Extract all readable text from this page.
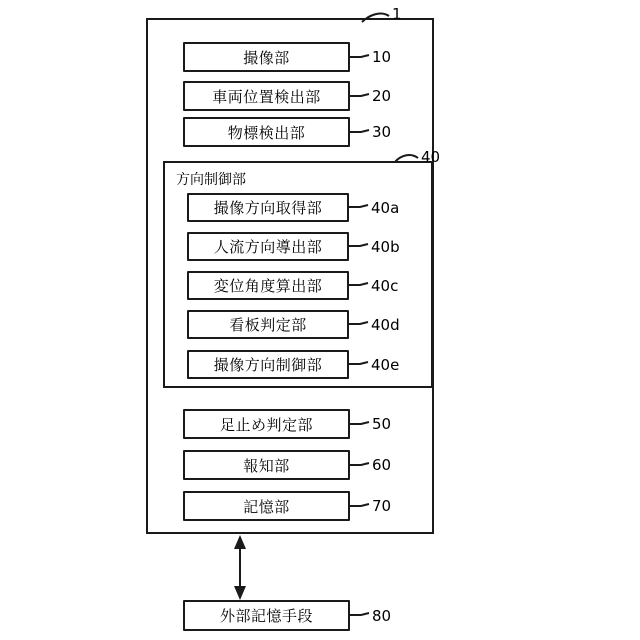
方向制御部
撮像部	10
車両位置検出部	20
物標検出部	30
40
撮像方向取得部	40a
人流方向導出部	40b
変位角度算出部	40c
看板判定部	40d
撮像方向制御部	40e
足止め判定部	50
報知部	60
記憶部	70
外部記憶手段	80
1
